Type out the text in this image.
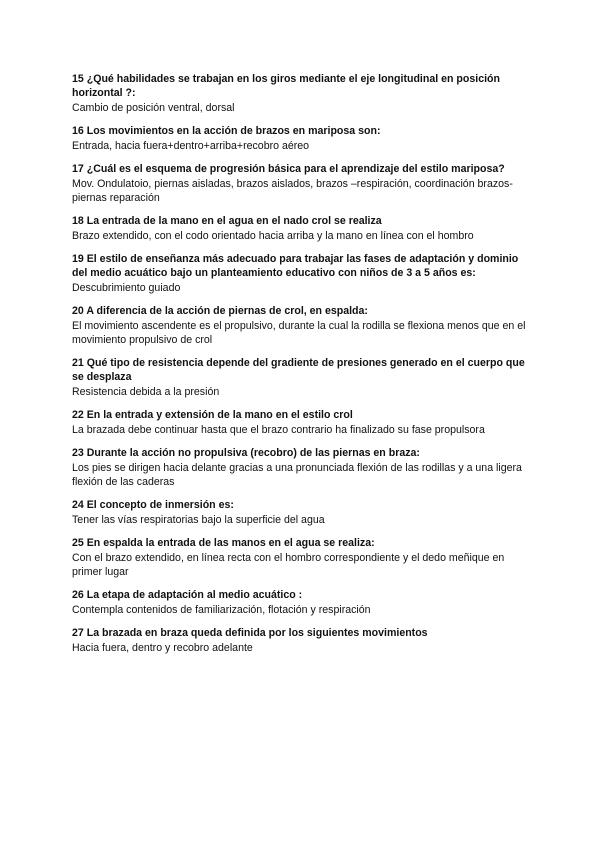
15 ¿Qué habilidades se trabajan en los giros mediante el eje longitudinal en posición horizontal ?:

Cambio de posición ventral, dorsal

16 Los movimientos en la acción de brazos en mariposa son:

Entrada, hacia fuera+dentro+arriba+recobro aéreo

17 ¿Cuál es el esquema de progresión básica para el aprendizaje del estilo mariposa?

Mov. Ondulatoio, piernas aisladas, brazos aislados, brazos –respiración, coordinación brazos-piernas reparación

18 La entrada de la mano en el agua en el nado crol se realiza

Brazo extendido, con el codo orientado hacia arriba y la mano en línea con el hombro

19 El estilo de enseñanza más adecuado para trabajar las fases de adaptación y dominio del medio acuático bajo un planteamiento educativo con niños de 3 a 5 años es:

Descubrimiento guiado

20 A diferencia de la acción de piernas de crol, en espalda:

El movimiento ascendente es el propulsivo, durante la cual la rodilla se flexiona menos que en el movimiento propulsivo de crol

21 Qué tipo de resistencia depende del gradiente de presiones generado en el cuerpo que se desplaza

Resistencia debida a la presión

22 En la entrada y extensión de la mano en el estilo crol

La brazada debe continuar hasta que el brazo contrario ha finalizado su fase propulsora

23 Durante la acción no propulsiva (recobro) de las piernas en braza:

Los pies se dirigen hacia delante gracias a una pronunciada flexión de las rodillas y a una ligera flexión de las caderas

24 El concepto de inmersión es:

Tener las vías respiratorias bajo la superficie del agua

25 En espalda la entrada de las manos en el agua se realiza:

Con el brazo extendido, en línea recta con el hombro correspondiente y el dedo meñique en primer lugar

26 La etapa de adaptación al medio acuático :

Contempla contenidos de familiarización, flotación y respiración

27 La brazada en braza queda definida por los siguientes movimientos

Hacia fuera, dentro y recobro adelante
